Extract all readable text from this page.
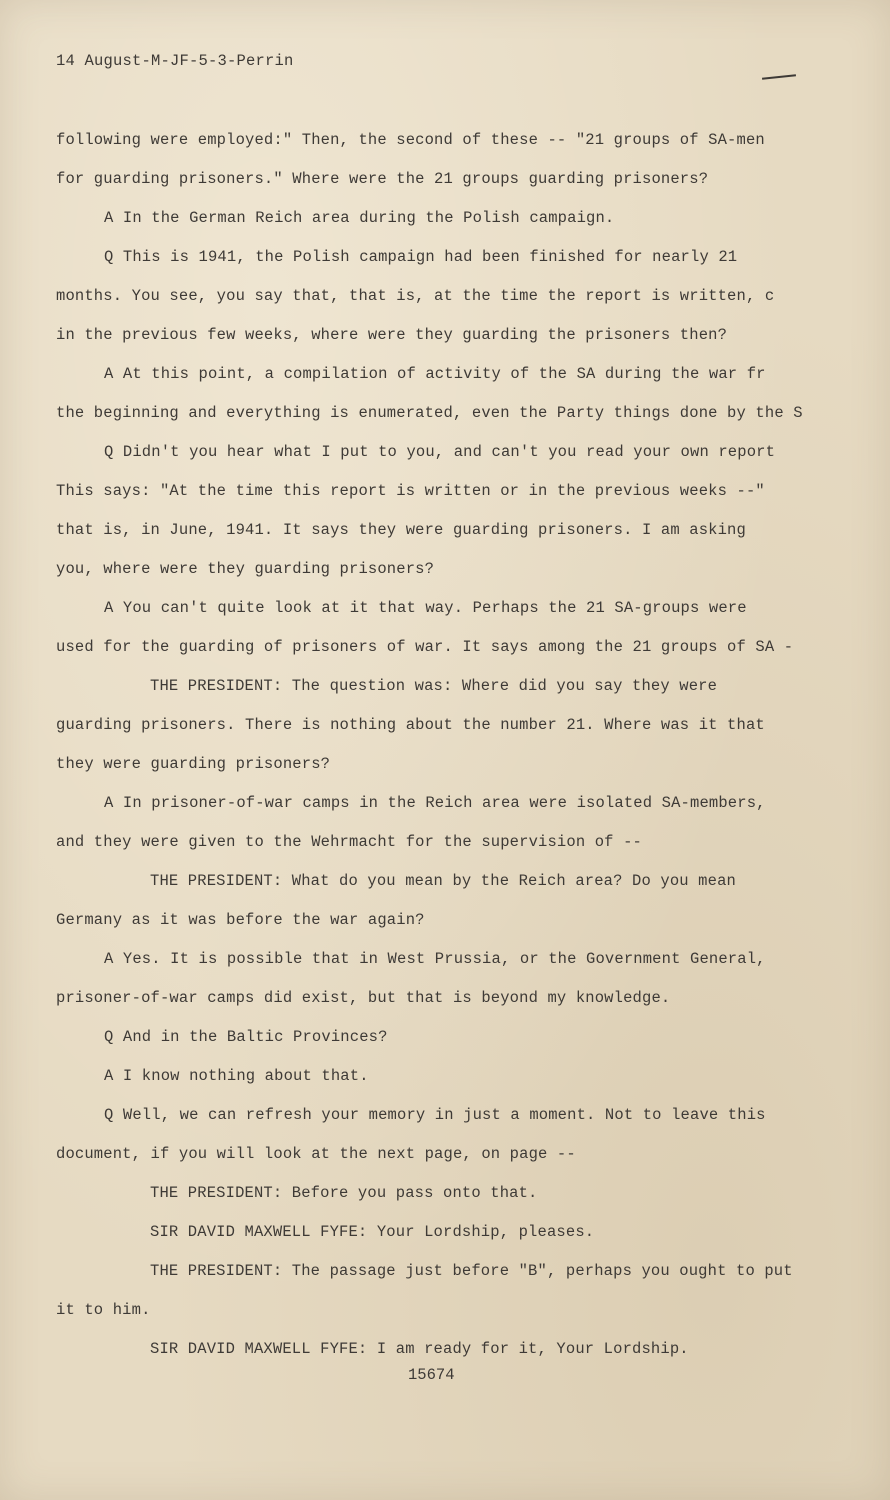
14 August-M-JF-5-3-Perrin
following were employed:" Then, the second of these -- "21 groups of SA-men
for guarding prisoners." Where were the 21 groups guarding prisoners?
A In the German Reich area during the Polish campaign.
Q This is 1941, the Polish campaign had been finished for nearly 21
months. You see, you say that, that is, at the time the report is written, c
in the previous few weeks, where were they guarding the prisoners then?
A At this point, a compilation of activity of the SA during the war fr
the beginning and everything is enumerated, even the Party things done by the S
Q Didn't you hear what I put to you, and can't you read your own report
This says: "At the time this report is written or in the previous weeks --"
that is, in June, 1941. It says they were guarding prisoners. I am asking
you, where were they guarding prisoners?
A You can't quite look at it that way. Perhaps the 21 SA-groups were
used for the guarding of prisoners of war. It says among the 21 groups of SA -
THE PRESIDENT: The question was: Where did you say they were
guarding prisoners. There is nothing about the number 21. Where was it that
they were guarding prisoners?
A In prisoner-of-war camps in the Reich area were isolated SA-members,
and they were given to the Wehrmacht for the supervision of --
THE PRESIDENT: What do you mean by the Reich area? Do you mean
Germany as it was before the war again?
A Yes. It is possible that in West Prussia, or the Government General,
prisoner-of-war camps did exist, but that is beyond my knowledge.
Q And in the Baltic Provinces?
A I know nothing about that.
Q Well, we can refresh your memory in just a moment. Not to leave this
document, if you will look at the next page, on page --
THE PRESIDENT: Before you pass onto that.
SIR DAVID MAXWELL FYFE: Your Lordship, pleases.
THE PRESIDENT: The passage just before "B", perhaps you ought to put
it to him.
SIR DAVID MAXWELL FYFE: I am ready for it, Your Lordship.
15674
